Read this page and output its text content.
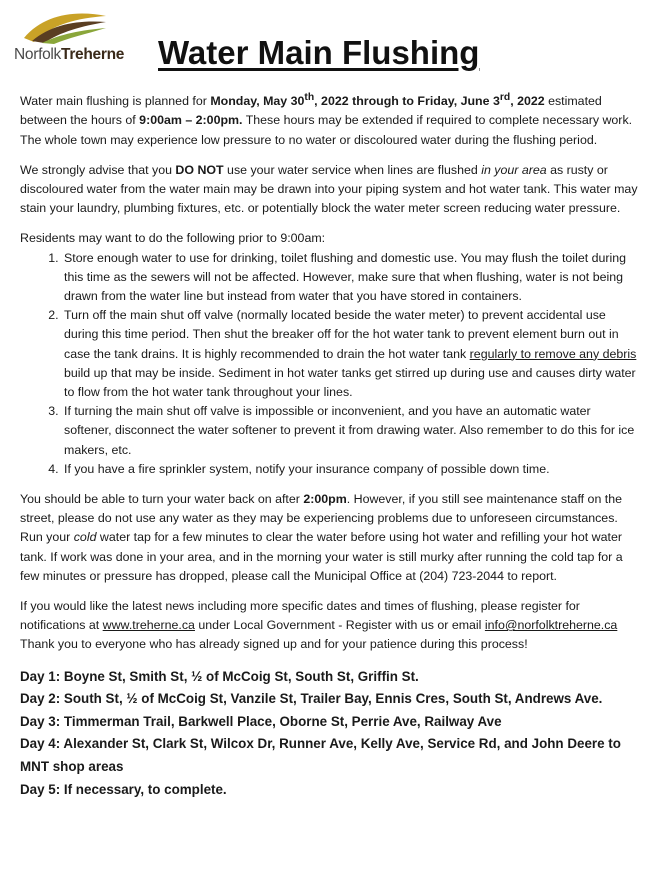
NorfolkTreherne Water Main Flushing

Water main flushing is planned for Monday, May 30th, 2022 through to Friday, June 3rd, 2022 estimated between the hours of 9:00am – 2:00pm. These hours may be extended if required to complete necessary work. The whole town may experience low pressure to no water or discoloured water during the flushing period.

We strongly advise that you DO NOT use your water service when lines are flushed in your area as rusty or discoloured water from the water main may be drawn into your piping system and hot water tank. This water may stain your laundry, plumbing fixtures, etc. or potentially block the water meter screen reducing water pressure.

Residents may want to do the following prior to 9:00am:
1. Store enough water to use for drinking, toilet flushing and domestic use. You may flush the toilet during this time as the sewers will not be affected. However, make sure that when flushing, water is not being drawn from the water line but instead from water that you have stored in containers.
2. Turn off the main shut off valve (normally located beside the water meter) to prevent accidental use during this time period. Then shut the breaker off for the hot water tank to prevent element burn out in case the tank drains. It is highly recommended to drain the hot water tank regularly to remove any debris build up that may be inside. Sediment in hot water tanks get stirred up during use and causes dirty water to flow from the hot water tank throughout your lines.
3. If turning the main shut off valve is impossible or inconvenient, and you have an automatic water softener, disconnect the water softener to prevent it from drawing water. Also remember to do this for ice makers, etc.
4. If you have a fire sprinkler system, notify your insurance company of possible down time.

You should be able to turn your water back on after 2:00pm. However, if you still see maintenance staff on the street, please do not use any water as they may be experiencing problems due to unforeseen circumstances. Run your cold water tap for a few minutes to clear the water before using hot water and refilling your hot water tank. If work was done in your area, and in the morning your water is still murky after running the cold tap for a few minutes or pressure has dropped, please call the Municipal Office at (204) 723-2044 to report.

If you would like the latest news including more specific dates and times of flushing, please register for notifications at www.treherne.ca under Local Government - Register with us or email info@norfolktreherne.ca
Thank you to everyone who has already signed up and for your patience during this process!

Day 1: Boyne St, Smith St, ½ of McCoig St, South St, Griffin St.
Day 2: South St, ½ of McCoig St, Vanzile St, Trailer Bay, Ennis Cres, South St, Andrews Ave.
Day 3: Timmerman Trail, Barkwell Place, Oborne St, Perrie Ave, Railway Ave
Day 4: Alexander St, Clark St, Wilcox Dr, Runner Ave, Kelly Ave, Service Rd, and John Deere to MNT shop areas
Day 5: If necessary, to complete.
